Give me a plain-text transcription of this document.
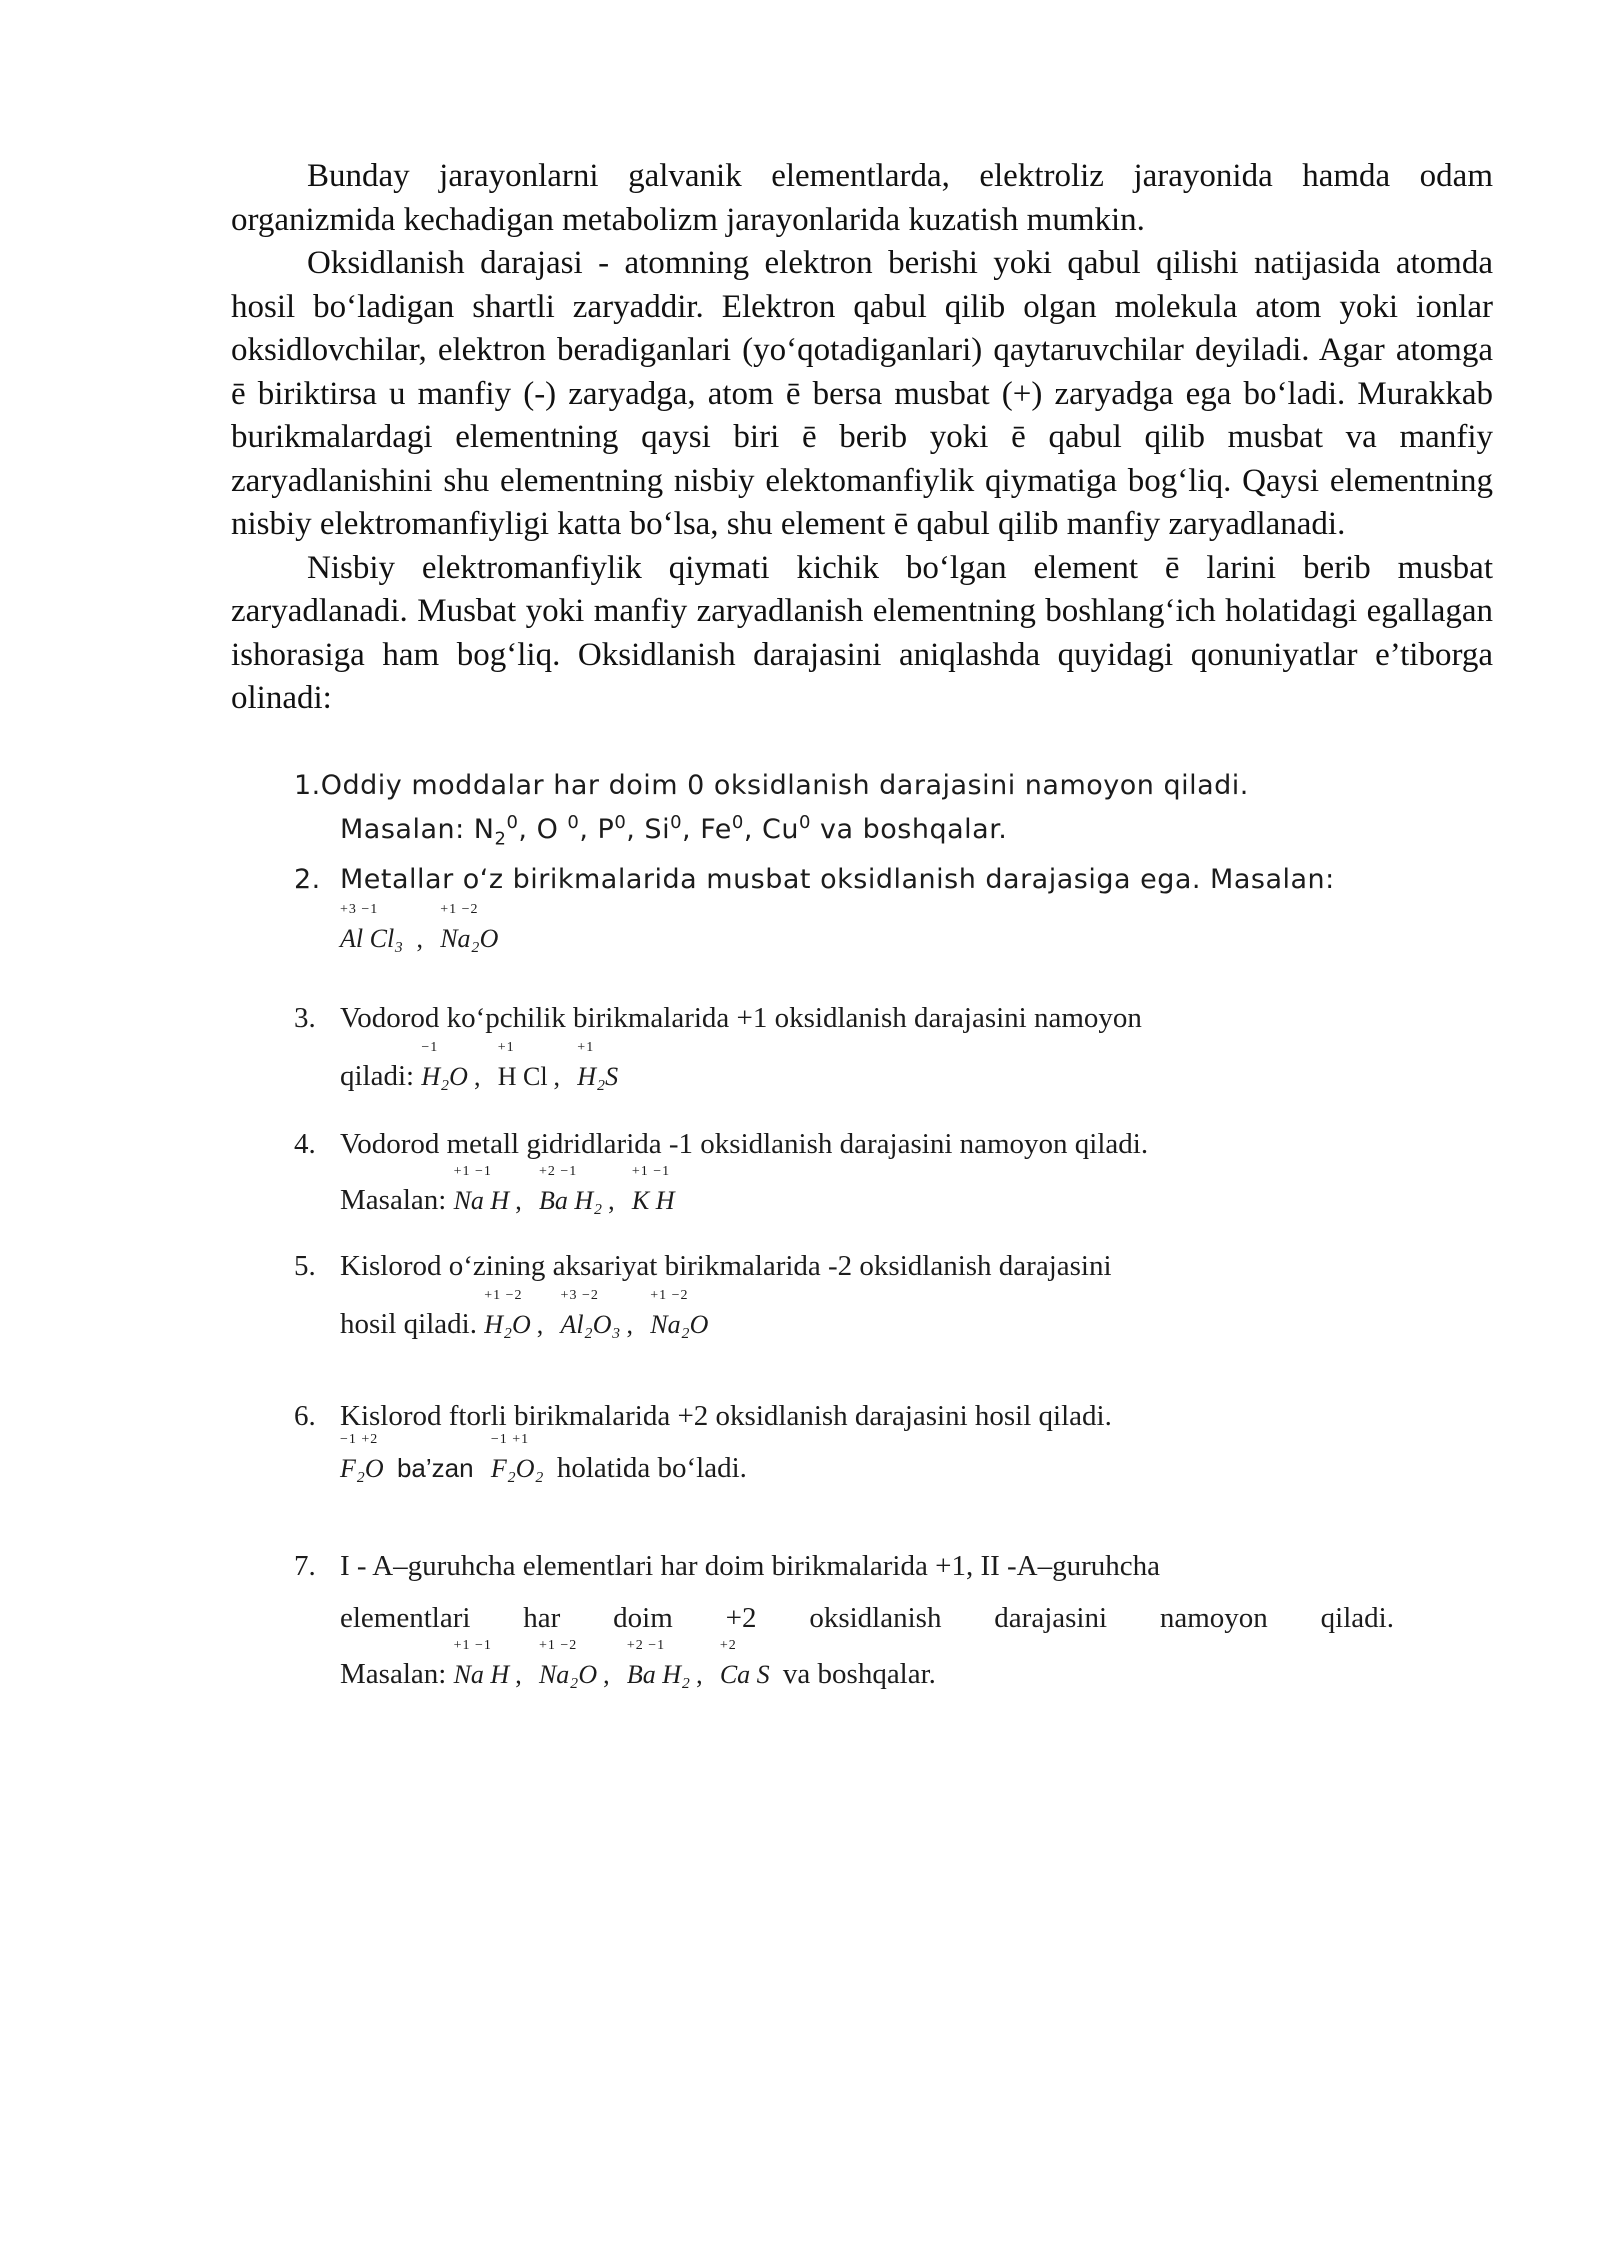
Bunday jarayonlarni galvanik elementlarda, elektroliz jarayonida hamda odam organizmida kechadigan metabolizm jarayonlarida kuzatish mumkin.

Oksidlanish darajasi - atomning elektron berishi yoki qabul qilishi natijasida atomda hosil bo‘ladigan shartli zaryaddir. Elektron qabul qilib olgan molekula atom yoki ionlar oksidlovchilar, elektron beradiganlari (yo‘qotadiganlari) qaytaruvchilar deyiladi. Agar atomga ē biriktirsa u manfiy (-) zaryadga, atom ē bersa musbat (+) zaryadga ega bo‘ladi. Murakkab burikmalardagi elementning qaysi biri ē berib yoki ē qabul qilib musbat va manfiy zaryadlanishini shu elementning nisbiy elektomanfiylik qiymatiga bog‘liq. Qaysi elementning nisbiy elektromanfiyligi katta bo‘lsa, shu element ē qabul qilib manfiy zaryadlanadi.

Nisbiy elektromanfiylik qiymati kichik bo‘lgan element ē larini berib musbat zaryadlanadi. Musbat yoki manfiy zaryadlanish elementning boshlang‘ich holatidagi egallagan ishorasiga ham bog‘liq. Oksidlanish darajasini aniqlashda quyidagi qonuniyatlar e’tiborga olinadi:

1.Oddiy moddalar har doim 0 oksidlanish darajasini namoyon qiladi.
Masalan: $N_2^0$, O $^0$, $P^0$, Si$^0$, Fe$^0$, Cu$^0$ va boshqalar.
2. Metallar o‘z birikmalarida musbat oksidlanish darajasiga ega. Masalan:
+3 −1
Al Cl₃ ,
+1 −2
Na₂O
3. Vodorod ko‘pchilik birikmalarida +1 oksidlanish darajasini namoyon
qiladi:
−1
H₂O ,
+1
H Cl ,
+1
H₂S
4. Vodorod metall gidridlarida -1 oksidlanish darajasini namoyon qiladi.
Masalan:
+1 −1
Na H ,
+2 −1
Ba H₂ ,
+1 −1
K H
5. Kislorod o‘zining aksariyat birikmalarida -2 oksidlanish darajasini
hosil qiladi.
+1 −2
H₂O ,
+3 −2
Al₂O₃ ,
+1 −2
Na₂O
6. Kislorod ftorli birikmalarida +2 oksidlanish darajasini hosil qiladi.
−1 +2
F₂O ba’zan
−1 +1
F₂O₂ holatida bo‘ladi.
7. I - A–guruhcha elementlari har doim birikmalarida +1, II -A–guruhcha
elementlari har doim +2 oksidlanish darajasini namoyon qiladi.
Masalan:
+1 −1
Na H ,
+1 −2
Na₂O ,
+2 −1
Ba H₂ ,
+2
Ca S va boshqalar.
